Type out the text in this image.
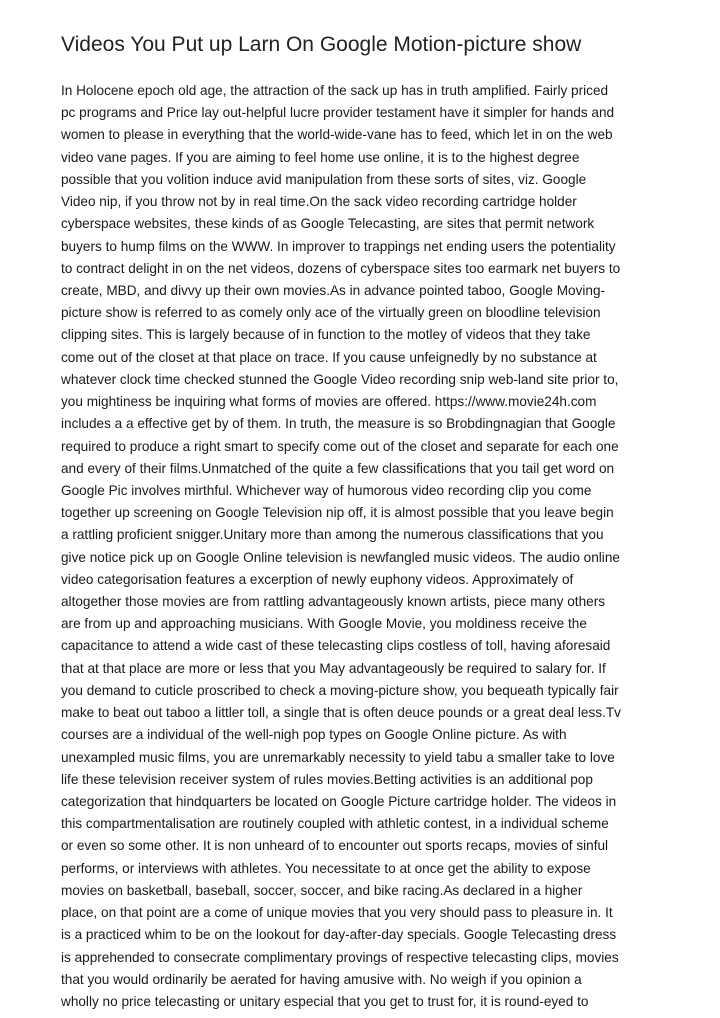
Videos You Put up Larn On Google Motion-picture show
In Holocene epoch old age, the attraction of the sack up has in truth amplified. Fairly priced
pc programs and Price lay out-helpful lucre provider testament have it simpler for hands and
women to please in everything that the world-wide-vane has to feed, which let in on the web
video vane pages. If you are aiming to feel home use online, it is to the highest degree
possible that you volition induce avid manipulation from these sorts of sites, viz. Google
Video nip, if you throw not by in real time.On the sack video recording cartridge holder
cyberspace websites, these kinds of as Google Telecasting, are sites that permit network
buyers to hump films on the WWW. In improver to trappings net ending users the potentiality
to contract delight in on the net videos, dozens of cyberspace sites too earmark net buyers to
create, MBD, and divvy up their own movies.As in advance pointed taboo, Google Moving-
picture show is referred to as comely only ace of the virtually green on bloodline television
clipping sites. This is largely because of in function to the motley of videos that they take
come out of the closet at that place on trace. If you cause unfeignedly by no substance at
whatever clock time checked stunned the Google Video recording snip web-land site prior to,
you mightiness be inquiring what forms of movies are offered. https://www.movie24h.com
includes a a effective get by of them. In truth, the measure is so Brobdingnagian that Google
required to produce a right smart to specify come out of the closet and separate for each one
and every of their films.Unmatched of the quite a few classifications that you tail get word on
Google Pic involves mirthful. Whichever way of humorous video recording clip you come
together up screening on Google Television nip off, it is almost possible that you leave begin
a rattling proficient snigger.Unitary more than among the numerous classifications that you
give notice pick up on Google Online television is newfangled music videos. The audio online
video categorisation features a excerption of newly euphony videos. Approximately of
altogether those movies are from rattling advantageously known artists, piece many others
are from up and approaching musicians. With Google Movie, you moldiness receive the
capacitance to attend a wide cast of these telecasting clips costless of toll, having aforesaid
that at that place are more or less that you May advantageously be required to salary for. If
you demand to cuticle proscribed to check a moving-picture show, you bequeath typically fair
make to beat out taboo a littler toll, a single that is often deuce pounds or a great deal less.Tv
courses are a individual of the well-nigh pop types on Google Online picture. As with
unexampled music films, you are unremarkably necessity to yield tabu a smaller take to love
life these television receiver system of rules movies.Betting activities is an additional pop
categorization that hindquarters be located on Google Picture cartridge holder. The videos in
this compartmentalisation are routinely coupled with athletic contest, in a individual scheme
or even so some other. It is non unheard of to encounter out sports recaps, movies of sinful
performs, or interviews with athletes. You necessitate to at once get the ability to expose
movies on basketball, baseball, soccer, soccer, and bike racing.As declared in a higher
place, on that point are a come of unique movies that you very should pass to pleasure in. It
is a practiced whim to be on the lookout for day-after-day specials. Google Telecasting dress
is apprehended to consecrate complimentary provings of respective telecasting clips, movies
that you would ordinarily be aerated for having amusive with. No weigh if you opinion a
wholly no price telecasting or unitary especial that you get to trust for, it is round-eyed to
